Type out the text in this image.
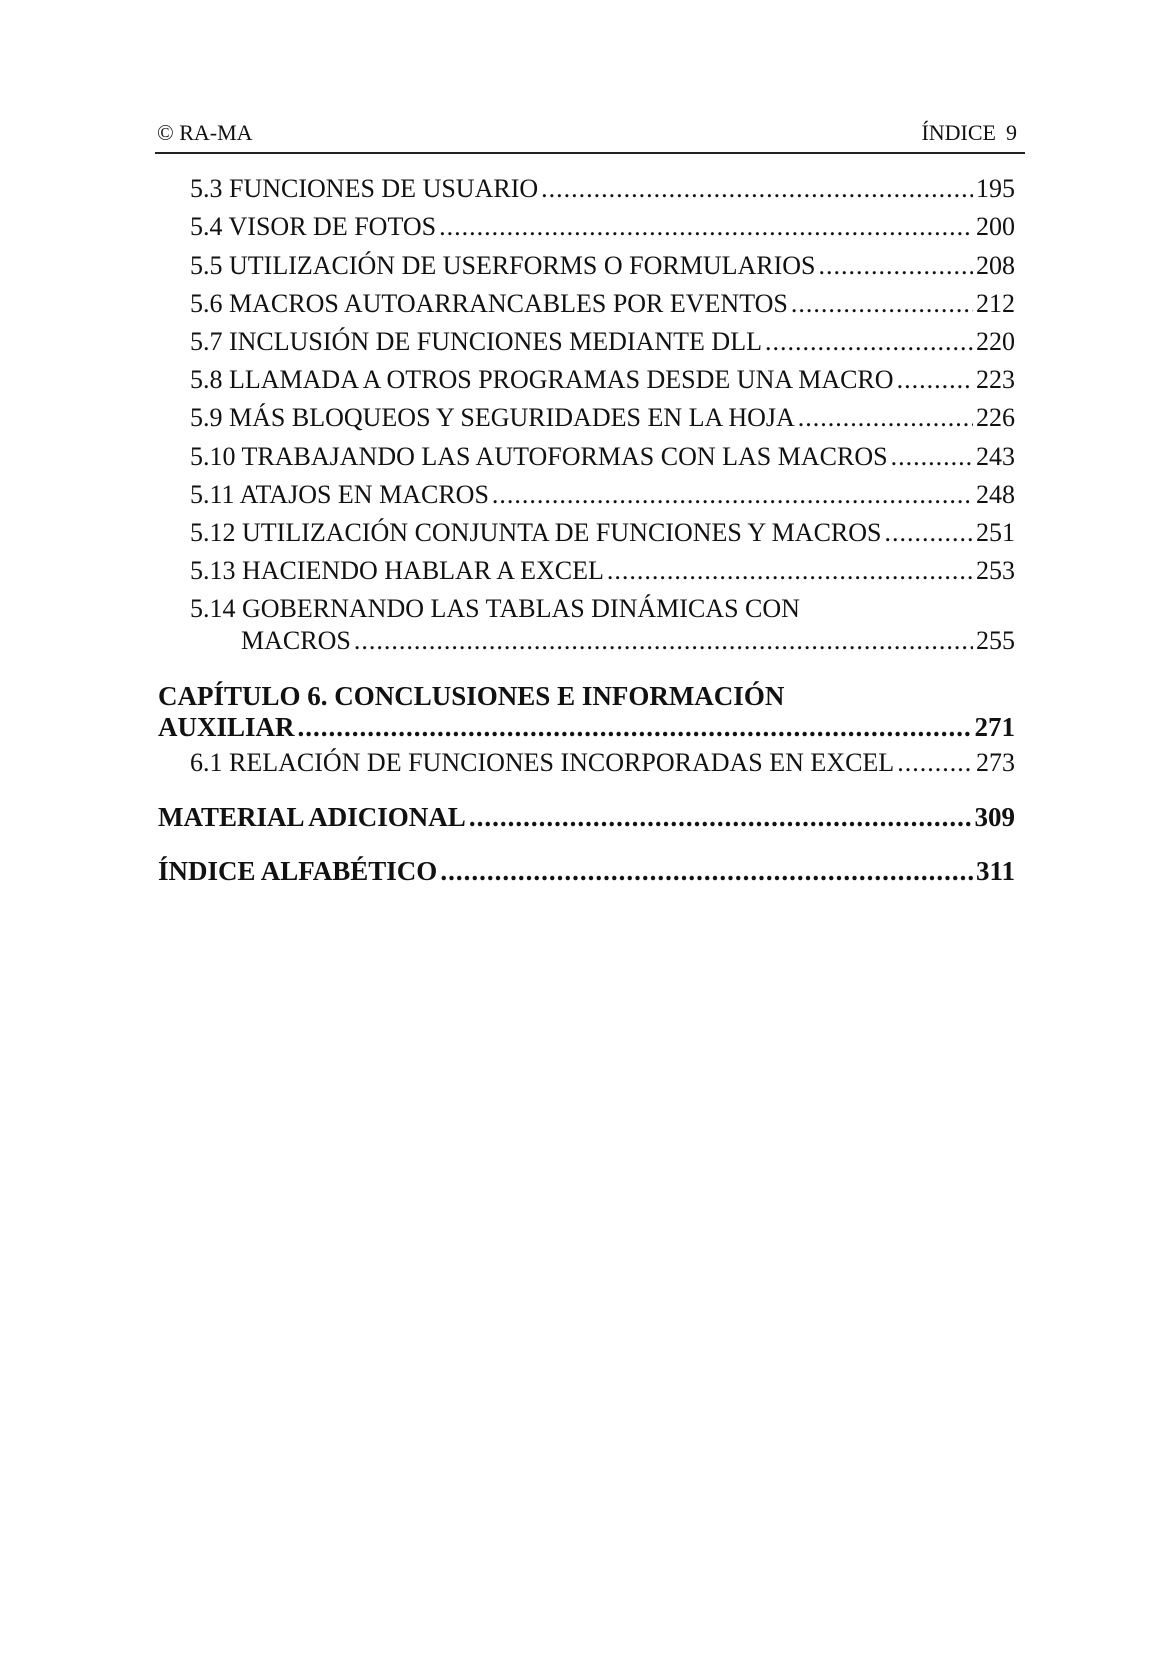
© RA-MA	ÍNDICE 9
5.3 FUNCIONES DE USUARIO .....	195
5.4 VISOR DE FOTOS .....	200
5.5 UTILIZACIÓN DE USERFORMS O FORMULARIOS .....	208
5.6 MACROS AUTOARRANCABLES POR EVENTOS .....	212
5.7 INCLUSIÓN DE FUNCIONES MEDIANTE DLL .....	220
5.8 LLAMADA A OTROS PROGRAMAS DESDE UNA MACRO .....	223
5.9 MÁS BLOQUEOS Y SEGURIDADES EN LA HOJA .....	226
5.10 TRABAJANDO LAS AUTOFORMAS CON LAS MACROS .....	243
5.11 ATAJOS EN MACROS .....	248
5.12 UTILIZACIÓN CONJUNTA DE FUNCIONES Y MACROS .....	251
5.13 HACIENDO HABLAR A EXCEL .....	253
5.14 GOBERNANDO LAS TABLAS DINÁMICAS CON
MACROS .....	255
CAPÍTULO 6. CONCLUSIONES E INFORMACIÓN
AUXILIAR .....	271
6.1 RELACIÓN DE FUNCIONES INCORPORADAS EN EXCEL .....	273
MATERIAL ADICIONAL .....	309
ÍNDICE ALFABÉTICO .....	311
